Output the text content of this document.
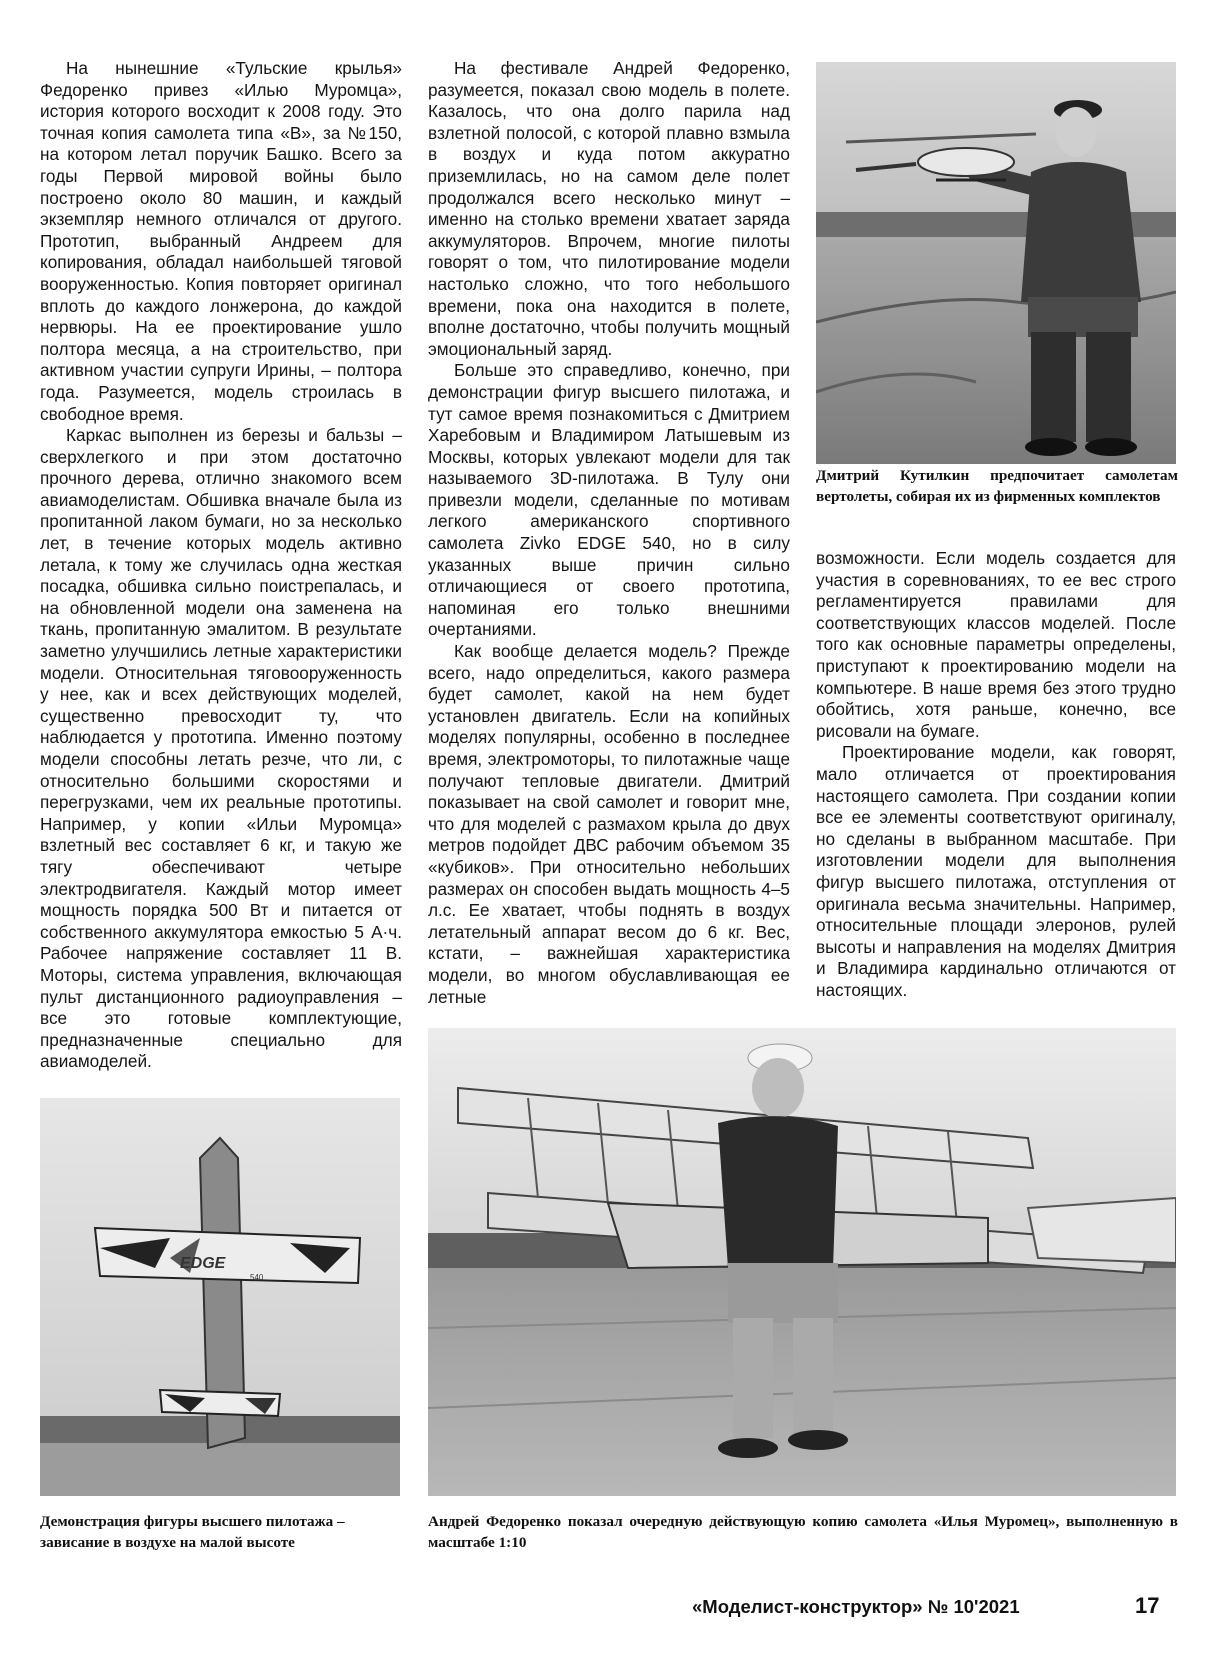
На нынешние «Тульские крылья» Федоренко привез «Илью Муромца», история которого восходит к 2008 году. Это точная копия самолета типа «В», за №150, на котором летал поручик Башко. Всего за годы Первой мировой войны было построено около 80 машин, и каждый экземпляр немного отличался от другого. Прототип, выбранный Андреем для копирования, обладал наибольшей тяговой вооруженностью. Копия повторяет оригинал вплоть до каждого лонжерона, до каждой нервюры. На ее проектирование ушло полтора месяца, а на строительство, при активном участии супруги Ирины, – полтора года. Разумеется, модель строилась в свободное время.

Каркас выполнен из березы и бальзы – сверхлегкого и при этом достаточно прочного дерева, отлично знакомого всем авиамоделистам. Обшивка вначале была из пропитанной лаком бумаги, но за несколько лет, в течение которых модель активно летала, к тому же случилась одна жесткая посадка, обшивка сильно поистрепалась, и на обновленной модели она заменена на ткань, пропитанную эмалитом. В результате заметно улучшились летные характеристики модели. Относительная тяговооруженность у нее, как и всех действующих моделей, существенно превосходит ту, что наблюдается у прототипа. Именно поэтому модели способны летать резче, что ли, с относительно большими скоростями и перегрузками, чем их реальные прототипы. Например, у копии «Ильи Муромца» взлетный вес составляет 6 кг, и такую же тягу обеспечивают четыре электродвигателя. Каждый мотор имеет мощность порядка 500 Вт и питается от собственного аккумулятора емкостью 5 А·ч. Рабочее напряжение составляет 11 В. Моторы, система управления, включающая пульт дистанционного радиоуправления – все это готовые комплектующие, предназначенные специально для авиамоделей.

На фестивале Андрей Федоренко, разумеется, показал свою модель в полете. Казалось, что она долго парила над взлетной полосой, с которой плавно взмыла в воздух и куда потом аккуратно приземлилась, но на самом деле полет продолжался всего несколько минут – именно на столько времени хватает заряда аккумуляторов. Впрочем, многие пилоты говорят о том, что пилотирование модели настолько сложно, что того небольшого времени, пока она находится в полете, вполне достаточно, чтобы получить мощный эмоциональный заряд.

Больше это справедливо, конечно, при демонстрации фигур высшего пилотажа, и тут самое время познакомиться с Дмитрием Харебовым и Владимиром Латышевым из Москвы, которых увлекают модели для так называемого 3D-пилотажа. В Тулу они привезли модели, сделанные по мотивам легкого американского спортивного самолета Zivko EDGE 540, но в силу указанных выше причин сильно отличающиеся от своего прототипа, напоминая его только внешними очертаниями.

Как вообще делается модель? Прежде всего, надо определиться, какого размера будет самолет, какой на нем будет установлен двигатель. Если на копийных моделях популярны, особенно в последнее время, электромоторы, то пилотажные чаще получают тепловые двигатели. Дмитрий показывает на свой самолет и говорит мне, что для моделей с размахом крыла до двух метров подойдет ДВС рабочим объемом 35 «кубиков». При относительно небольших размерах он способен выдать мощность 4–5 л.с. Ее хватает, чтобы поднять в воздух летательный аппарат весом до 6 кг. Вес, кстати, – важнейшая характеристика модели, во многом обуславливающая ее летные

возможности. Если модель создается для участия в соревнованиях, то ее вес строго регламентируется правилами для соответствующих классов моделей. После того как основные параметры определены, приступают к проектированию модели на компьютере. В наше время без этого трудно обойтись, хотя раньше, конечно, все рисовали на бумаге.

Проектирование модели, как говорят, мало отличается от проектирования настоящего самолета. При создании копии все ее элементы соответствуют оригиналу, но сделаны в выбранном масштабе. При изготовлении модели для выполнения фигур высшего пилотажа, отступления от оригинала весьма значительны. Например, относительные площади элеронов, рулей высоты и направления на моделях Дмитрия и Владимира кардинально отличаются от настоящих.

Дмитрий Кутилкин предпочитает самолетам вертолеты, собирая их из фирменных комплектов
EDGE
540
Демонстрация фигуры высшего пилотажа – зависание в воздухе на малой высоте
Андрей Федоренко показал очередную действующую копию самолета «Илья Муромец», выполненную в масштабе 1:10
«Моделист-конструктор» № 10'2021	17
